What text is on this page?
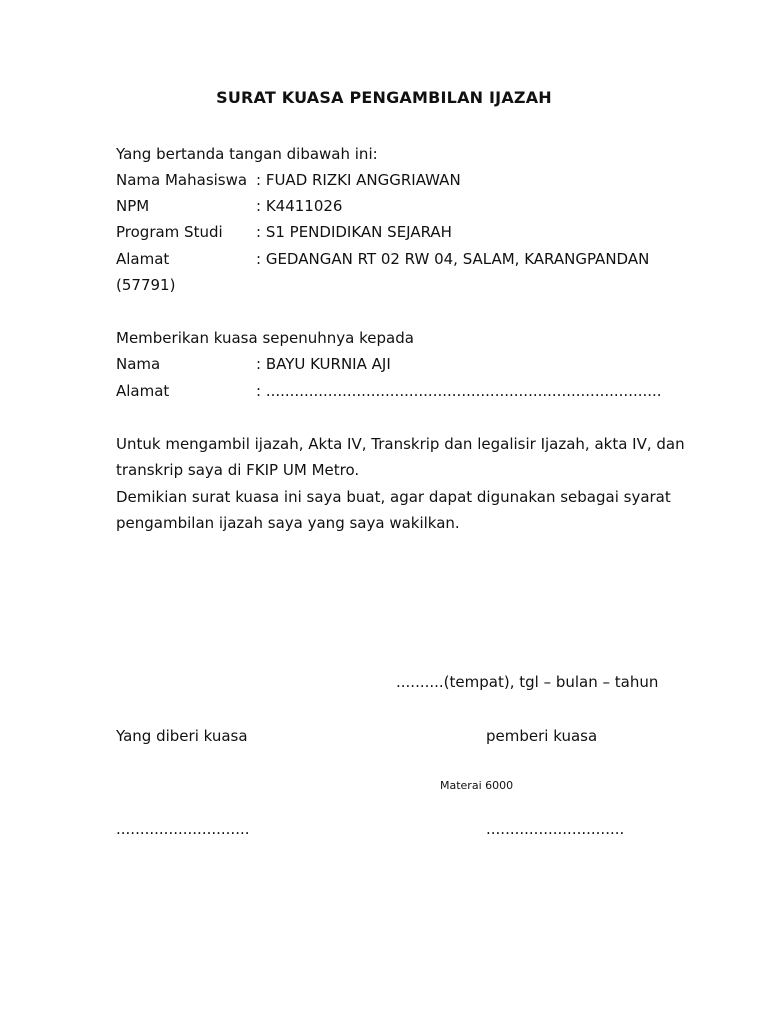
SURAT KUASA PENGAMBILAN IJAZAH
Yang bertanda tangan dibawah ini:
Nama Mahasiswa : FUAD RIZKI ANGGRIAWAN
NPM	: K4411026
Program Studi : S1 PENDIDIKAN SEJARAH
Alamat	: GEDANGAN RT 02 RW 04, SALAM, KARANGPANDAN
(57791)
Memberikan kuasa sepenuhnya kepada
Nama	: BAYU KURNIA AJI
Alamat	: ...................................................................................
Untuk mengambil ijazah, Akta IV, Transkrip dan legalisir Ijazah, akta IV, dan
transkrip saya di FKIP UM Metro.
Demikian surat kuasa ini saya buat, agar dapat digunakan sebagai syarat
pengambilan ijazah saya yang saya wakilkan.
..........(tempat), tgl – bulan – tahun
Yang diberi kuasa	pemberi kuasa
Materai 6000
............................	.............................
